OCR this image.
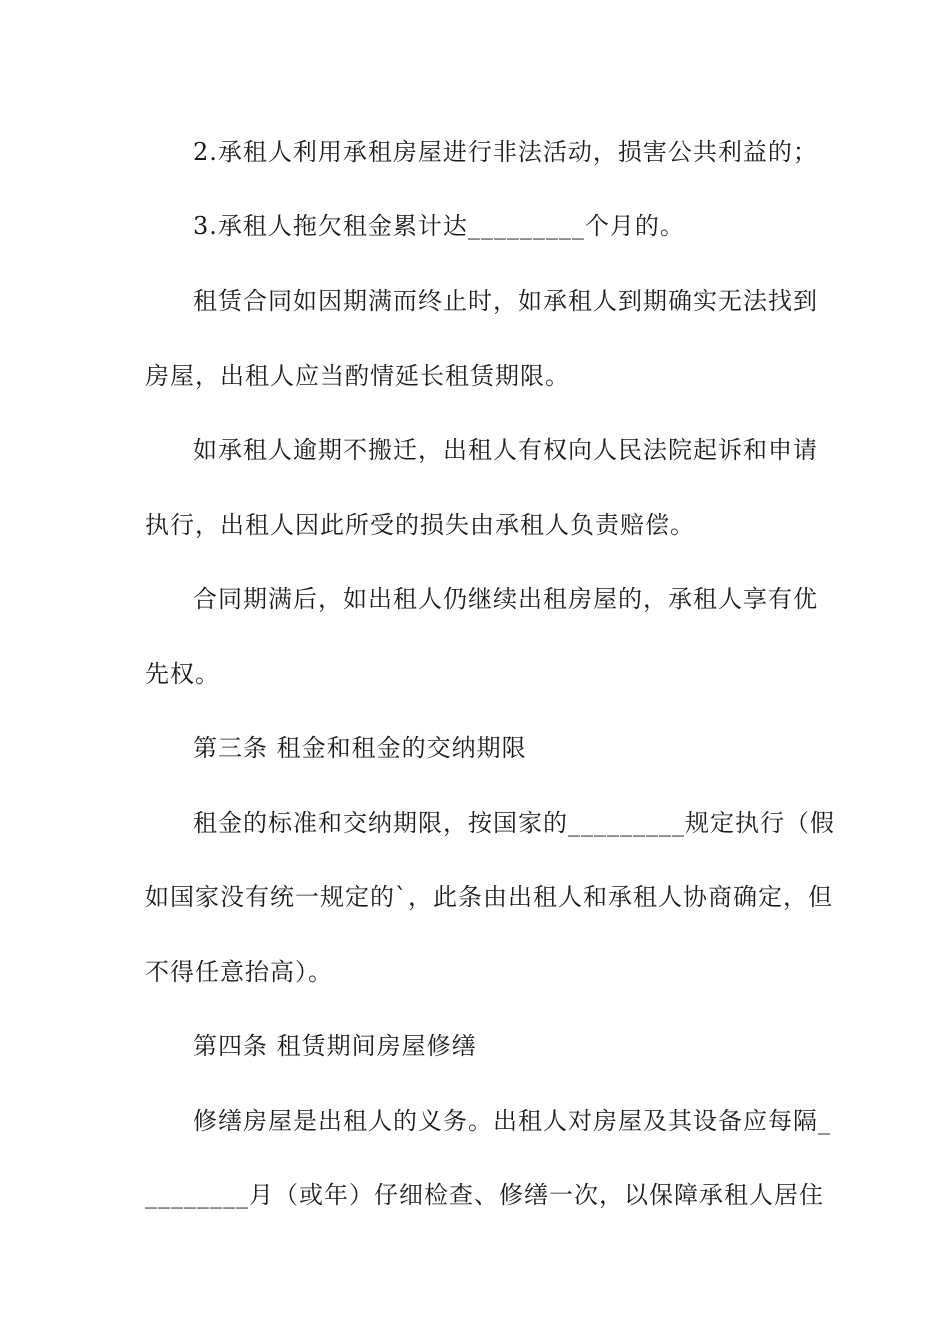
2.承租人利用承租房屋进行非法活动，损害公共利益的；
3.承租人拖欠租金累计达_________个月的。
租赁合同如因期满而终止时，如承租人到期确实无法找到
房屋，出租人应当酌情延长租赁期限。
如承租人逾期不搬迁，出租人有权向人民法院起诉和申请
执行，出租人因此所受的损失由承租人负责赔偿。
合同期满后，如出租人仍继续出租房屋的，承租人享有优
先权。
第三条 租金和租金的交纳期限
租金的标准和交纳期限，按国家的_________规定执行（假
如国家没有统一规定的`，此条由出租人和承租人协商确定，但
不得任意抬高）。
第四条 租赁期间房屋修缮
修缮房屋是出租人的义务。出租人对房屋及其设备应每隔_
________月（或年）仔细检查、修缮一次，以保障承租人居住
